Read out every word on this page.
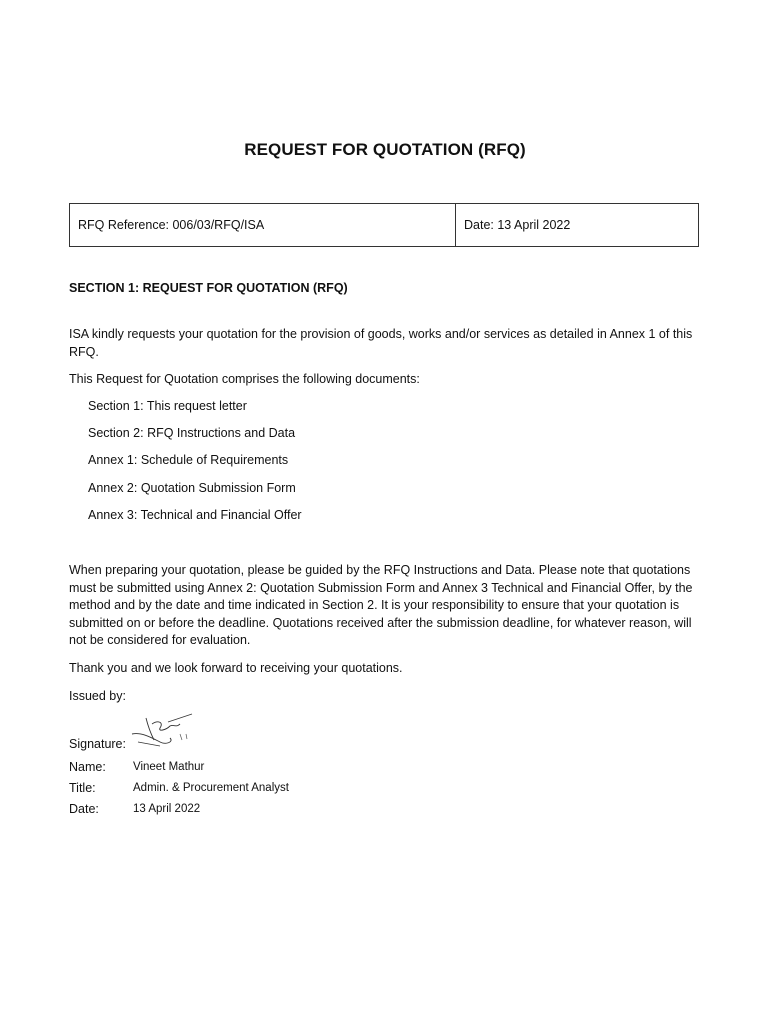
REQUEST FOR QUOTATION (RFQ)
RFQ Reference: 006/03/RFQ/ISA	Date: 13 April 2022
SECTION 1: REQUEST FOR QUOTATION (RFQ)
ISA kindly requests your quotation for the provision of goods, works and/or services as detailed in Annex 1 of this RFQ.
This Request for Quotation comprises the following documents:
Section 1: This request letter
Section 2: RFQ Instructions and Data
Annex 1: Schedule of Requirements
Annex 2: Quotation Submission Form
Annex 3: Technical and Financial Offer
When preparing your quotation, please be guided by the RFQ Instructions and Data. Please note that quotations must be submitted using Annex 2: Quotation Submission Form and Annex 3 Technical and Financial Offer, by the method and by the date and time indicated in Section 2. It is your responsibility to ensure that your quotation is submitted on or before the deadline. Quotations received after the submission deadline, for whatever reason, will not be considered for evaluation.
Thank you and we look forward to receiving your quotations.
Issued by:
Signature:
Name: Vineet Mathur
Title:	Admin. & Procurement Analyst
Date:	13 April 2022
